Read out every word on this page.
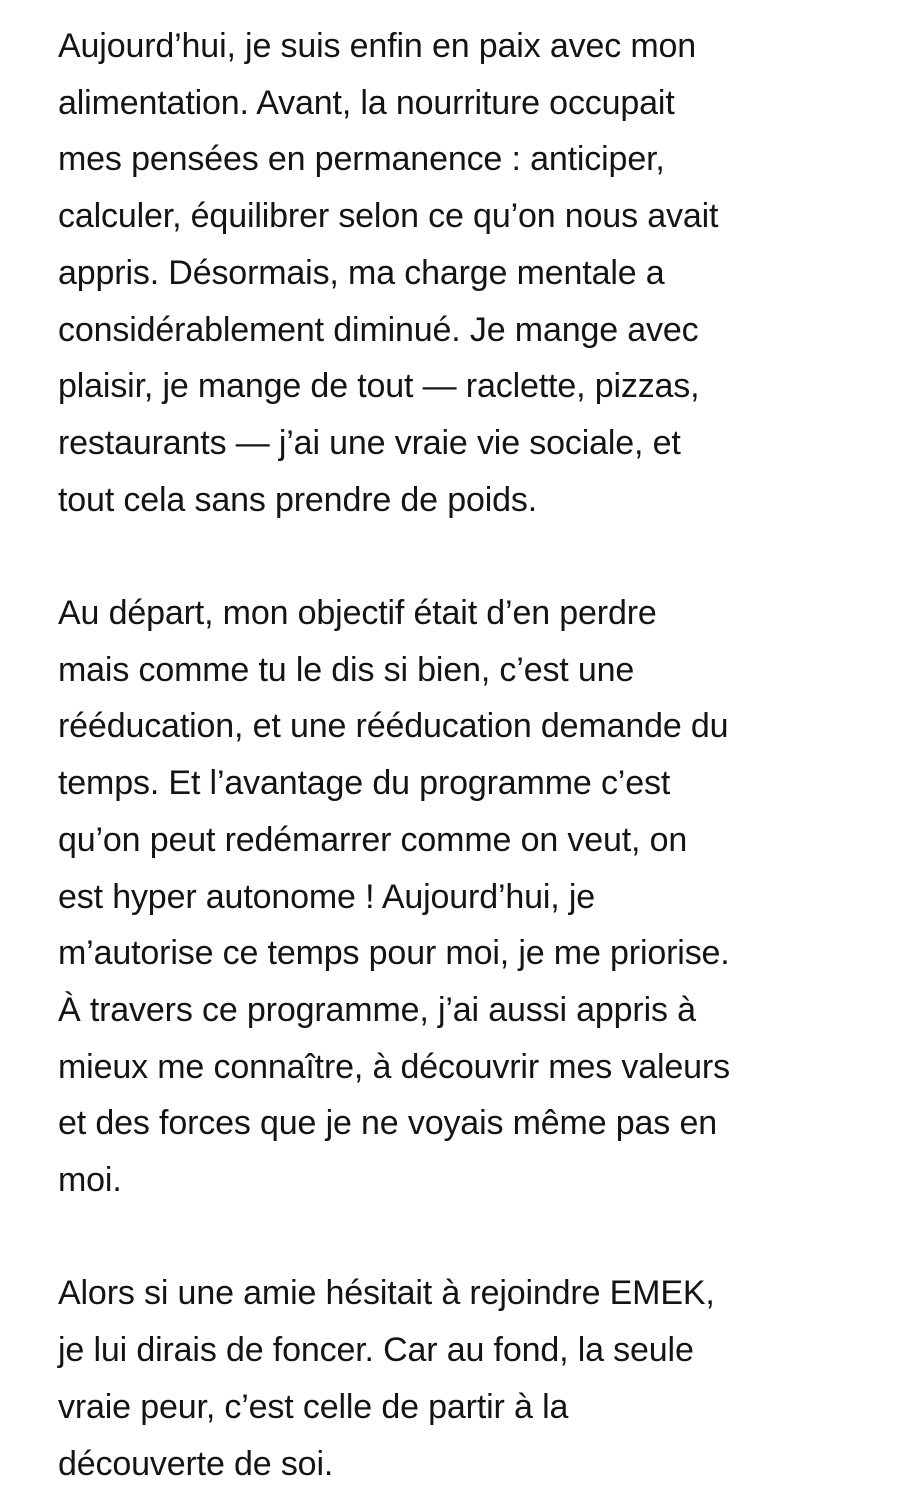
Aujourd’hui, je suis enfin en paix avec mon
alimentation. Avant, la nourriture occupait
mes pensées en permanence : anticiper,
calculer, équilibrer selon ce qu’on nous avait
appris. Désormais, ma charge mentale a
considérablement diminué. Je mange avec
plaisir, je mange de tout — raclette, pizzas,
restaurants — j’ai une vraie vie sociale, et
tout cela sans prendre de poids.

Au départ, mon objectif était d’en perdre
mais comme tu le dis si bien, c’est une
rééducation, et une rééducation demande du
temps. Et l’avantage du programme c’est
qu’on peut redémarrer comme on veut, on
est hyper autonome ! Aujourd’hui, je
m’autorise ce temps pour moi, je me priorise.
À travers ce programme, j’ai aussi appris à
mieux me connaître, à découvrir mes valeurs
et des forces que je ne voyais même pas en
moi.

Alors si une amie hésitait à rejoindre EMEK,
je lui dirais de foncer. Car au fond, la seule
vraie peur, c’est celle de partir à la
découverte de soi.
